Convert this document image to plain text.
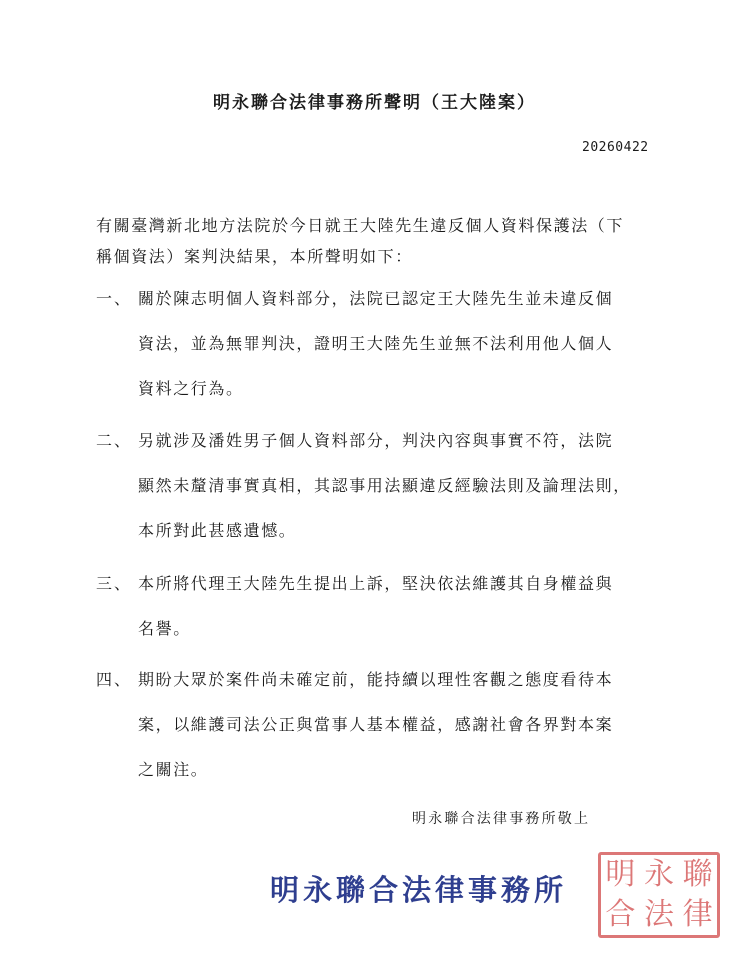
明永聯合法律事務所聲明（王大陸案）
20260422
有關臺灣新北地方法院於今日就王大陸先生違反個人資料保護法（下
稱個資法）案判決結果，本所聲明如下：
一、 關於陳志明個人資料部分，法院已認定王大陸先生並未違反個
資法，並為無罪判決，證明王大陸先生並無不法利用他人個人
資料之行為。
二、 另就涉及潘姓男子個人資料部分，判決內容與事實不符，法院
顯然未釐清事實真相，其認事用法顯違反經驗法則及論理法則，
本所對此甚感遺憾。
三、 本所將代理王大陸先生提出上訴，堅決依法維護其自身權益與
名譽。
四、 期盼大眾於案件尚未確定前，能持續以理性客觀之態度看待本
案，以維護司法公正與當事人基本權益，感謝社會各界對本案
之關注。
明永聯合法律事務所敬上
明永聯合法律事務所 明 永 聯
合 法 律
